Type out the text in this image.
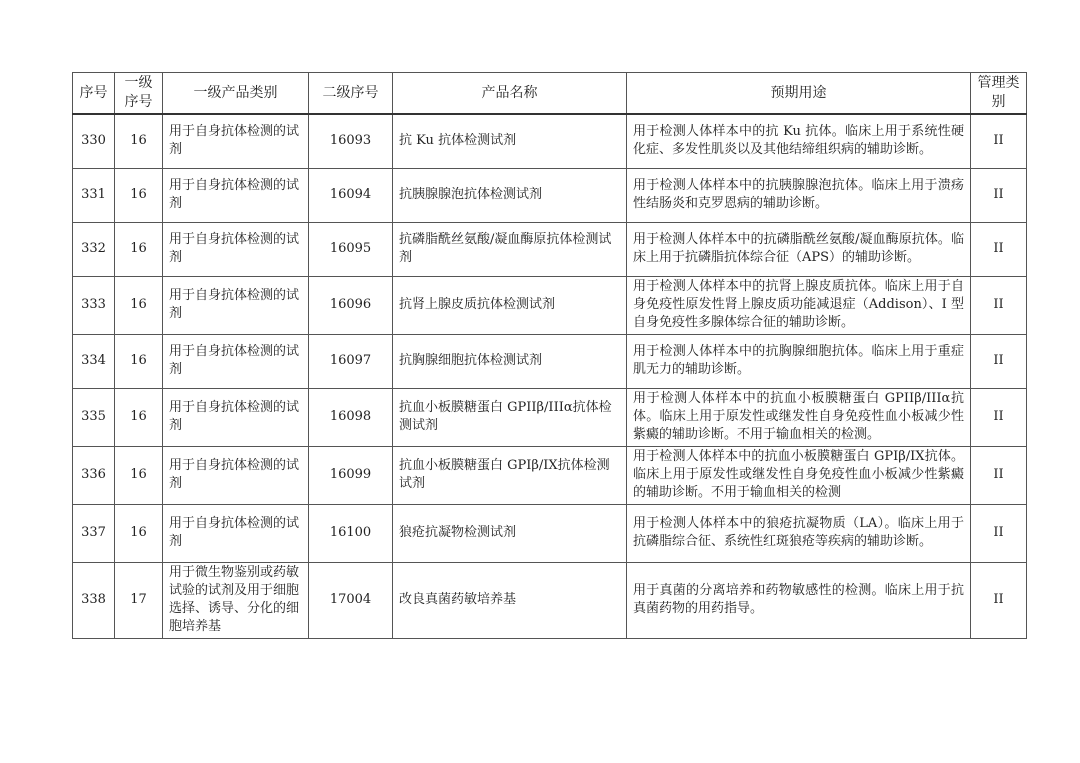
序号	一级序号	一级产品类别	二级序号	产品名称	预期用途	管理类别
330	16	用于自身抗体检测的试剂	16093	抗 Ku 抗体检测试剂	用于检测人体样本中的抗 Ku 抗体。临床上用于系统性硬化症、多发性肌炎以及其他结缔组织病的辅助诊断。	II
331	16	用于自身抗体检测的试剂	16094	抗胰腺腺泡抗体检测试剂	用于检测人体样本中的抗胰腺腺泡抗体。临床上用于溃疡性结肠炎和克罗恩病的辅助诊断。	II
332	16	用于自身抗体检测的试剂	16095	抗磷脂酰丝氨酸/凝血酶原抗体检测试剂	用于检测人体样本中的抗磷脂酰丝氨酸/凝血酶原抗体。临床上用于抗磷脂抗体综合征（APS）的辅助诊断。	II
333	16	用于自身抗体检测的试剂	16096	抗肾上腺皮质抗体检测试剂	用于检测人体样本中的抗肾上腺皮质抗体。临床上用于自身免疫性原发性肾上腺皮质功能减退症（Addison）、I 型自身免疫性多腺体综合征的辅助诊断。	II
334	16	用于自身抗体检测的试剂	16097	抗胸腺细胞抗体检测试剂	用于检测人体样本中的抗胸腺细胞抗体。临床上用于重症肌无力的辅助诊断。	II
335	16	用于自身抗体检测的试剂	16098	抗血小板膜糖蛋白 GPIIβ/IIIα抗体检测试剂	用于检测人体样本中的抗血小板膜糖蛋白 GPIIβ/IIIα抗体。临床上用于原发性或继发性自身免疫性血小板减少性紫癜的辅助诊断。不用于输血相关的检测。	II
336	16	用于自身抗体检测的试剂	16099	抗血小板膜糖蛋白 GPIβ/IX抗体检测试剂	用于检测人体样本中的抗血小板膜糖蛋白 GPIβ/IX抗体。临床上用于原发性或继发性自身免疫性血小板减少性紫癜的辅助诊断。不用于输血相关的检测	II
337	16	用于自身抗体检测的试剂	16100	狼疮抗凝物检测试剂	用于检测人体样本中的狼疮抗凝物质（LA）。临床上用于抗磷脂综合征、系统性红斑狼疮等疾病的辅助诊断。	II
338	17	用于微生物鉴别或药敏试验的试剂及用于细胞选择、诱导、分化的细胞培养基	17004	改良真菌药敏培养基	用于真菌的分离培养和药物敏感性的检测。临床上用于抗真菌药物的用药指导。	II
